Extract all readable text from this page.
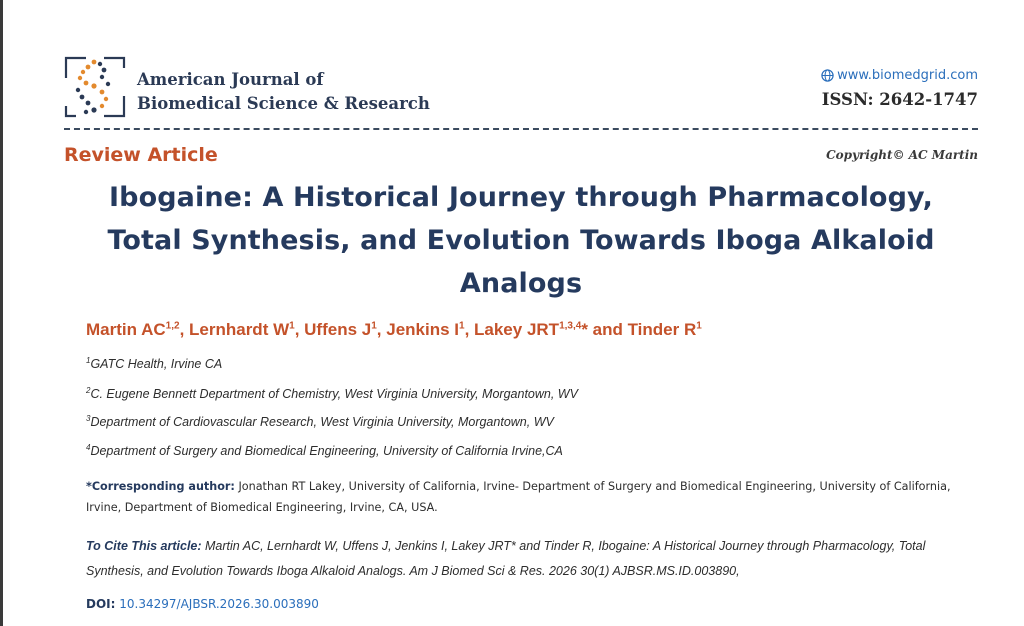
American Journal of
Biomedical Science & Research
www.biomedgrid.com
ISSN: 2642-1747
Review Article	Copyright© AC Martin
Ibogaine: A Historical Journey through Pharmacology,
Total Synthesis, and Evolution Towards Iboga Alkaloid
Analogs
Martin AC$^{1,2}$, Lernhardt $W^1$, Uffens $J^1$, Jenkins $I^1$, Lakey JRT$^{1,3,4}$* and Tinder $R^1$
$^1$GATC Health, Irvine CA
$^2$C. Eugene Bennett Department of Chemistry, West Virginia University, Morgantown, WV
$^3$Department of Cardiovascular Research, West Virginia University, Morgantown, WV
$^4$Department of Surgery and Biomedical Engineering, University of California Irvine,CA
*Corresponding author: Jonathan RT Lakey, University of California, Irvine- Department of Surgery and Biomedical Engineering, University of California, Irvine, Department of Biomedical Engineering, Irvine, CA, USA.
To Cite This article: Martin AC, Lernhardt W, Uffens J, Jenkins I, Lakey JRT* and Tinder R, Ibogaine: A Historical Journey through Pharmacology, Total Synthesis, and Evolution Towards Iboga Alkaloid Analogs. Am J Biomed Sci & Res. 2026 30(1) AJBSR.MS.ID.003890,
DOI: 10.34297/AJBSR.2026.30.003890
